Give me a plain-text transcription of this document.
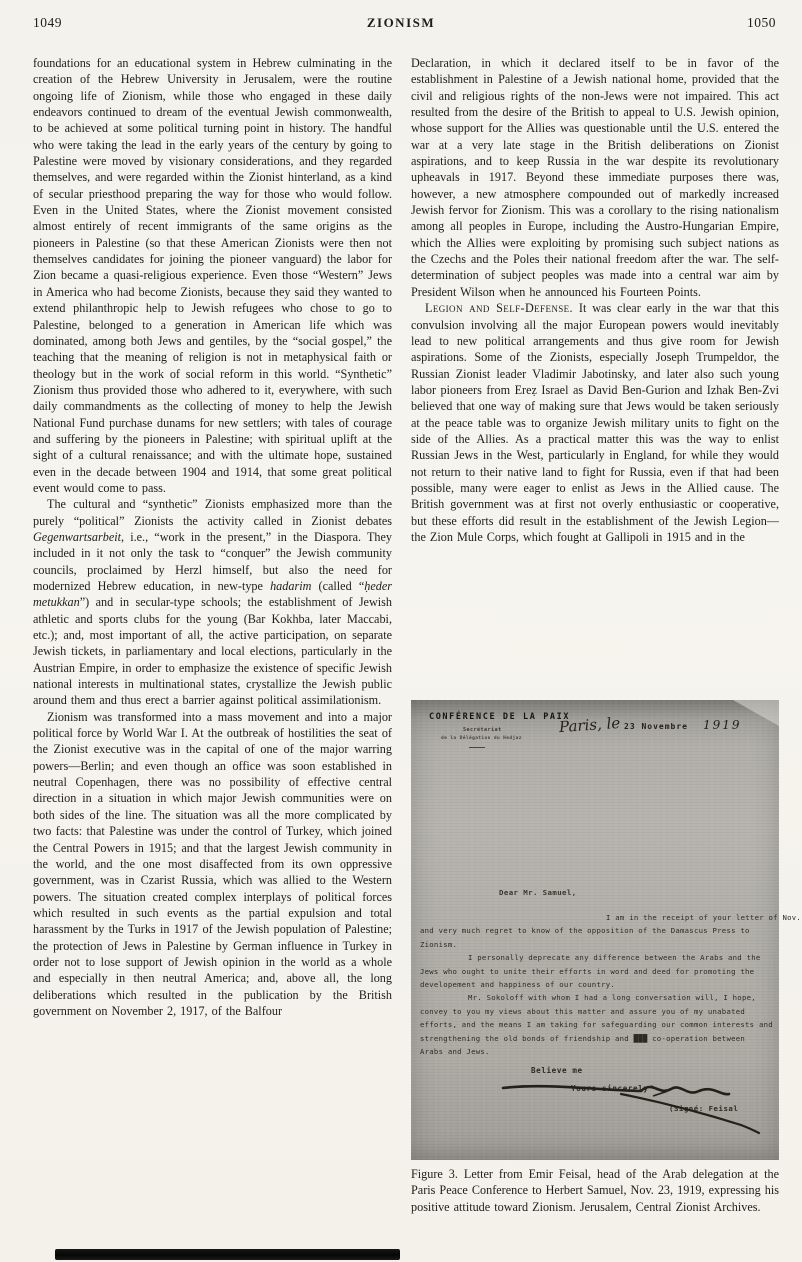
1049	ZIONISM	1050

foundations for an educational system in Hebrew culminating in the creation of the Hebrew University in Jerusalem, were the routine ongoing life of Zionism, while those who engaged in these daily endeavors continued to dream of the eventual Jewish commonwealth, to be achieved at some political turning point in history. The handful who were taking the lead in the early years of the century by going to Palestine were moved by visionary considerations, and they regarded themselves, and were regarded within the Zionist hinterland, as a kind of secular priesthood preparing the way for those who would follow. Even in the United States, where the Zionist movement consisted almost entirely of recent immigrants of the same origins as the pioneers in Palestine (so that these American Zionists were then not themselves candidates for joining the pioneer vanguard) the labor for Zion became a quasi-religious experience. Even those “Western” Jews in America who had become Zionists, because they said they wanted to extend philanthropic help to Jewish refugees who chose to go to Palestine, belonged to a generation in American life which was dominated, among both Jews and gentiles, by the “social gospel,” the teaching that the meaning of religion is not in metaphysical faith or theology but in the work of social reform in this world. “Synthetic” Zionism thus provided those who adhered to it, everywhere, with such daily commandments as the collecting of money to help the Jewish National Fund purchase dunams for new settlers; with tales of courage and suffering by the pioneers in Palestine; with spiritual uplift at the sight of a cultural renaissance; and with the ultimate hope, sustained even in the decade between 1904 and 1914, that some great political event would come to pass.

The cultural and “synthetic” Zionists emphasized more than the purely “political” Zionists the activity called in Zionist debates Gegenwartsarbeit, i.e., “work in the present,” in the Diaspora. They included in it not only the task to “conquer” the Jewish community councils, proclaimed by Herzl himself, but also the need for modernized Hebrew education, in new-type hadarim (called “ḥeder metukkan”) and in secular-type schools; the establishment of Jewish athletic and sports clubs for the young (Bar Kokhba, later Maccabi, etc.); and, most important of all, the active participation, on separate Jewish tickets, in parliamentary and local elections, particularly in the Austrian Empire, in order to emphasize the existence of specific Jewish national interests in multinational states, crystallize the Jewish public around them and thus erect a barrier against political assimilationism.

Zionism was transformed into a mass movement and into a major political force by World War I. At the outbreak of hostilities the seat of the Zionist executive was in the capital of one of the major warring powers—Berlin; and even though an office was soon established in neutral Copenhagen, there was no possibility of effective central direction in a situation in which major Jewish communities were on both sides of the line. The situation was all the more complicated by two facts: that Palestine was under the control of Turkey, which joined the Central Powers in 1915; and that the largest Jewish community in the world, and the one most disaffected from its own oppressive government, was in Czarist Russia, which was allied to the Western powers. The situation created complex interplays of political forces which resulted in such events as the partial expulsion and total harassment by the Turks in 1917 of the Jewish population of Palestine; the protection of Jews in Palestine by German influence in Turkey in order not to lose support of Jewish opinion in the world as a whole and especially in then neutral America; and, above all, the long deliberations which resulted in the publication by the British government on November 2, 1917, of the Balfour

Declaration, in which it declared itself to be in favor of the establishment in Palestine of a Jewish national home, provided that the civil and religious rights of the non-Jews were not impaired. This act resulted from the desire of the British to appeal to U.S. Jewish opinion, whose support for the Allies was questionable until the U.S. entered the war at a very late stage in the British deliberations on Zionist aspirations, and to keep Russia in the war despite its revolutionary upheavals in 1917. Beyond these immediate purposes there was, however, a new atmosphere compounded out of markedly increased Jewish fervor for Zionism. This was a corollary to the rising nationalism among all peoples in Europe, including the Austro-Hungarian Empire, which the Allies were exploiting by promising such subject nations as the Czechs and the Poles their national freedom after the war. The self-determination of subject peoples was made into a central war aim by President Wilson when he announced his Fourteen Points.

Legion and Self-Defense. It was clear early in the war that this convulsion involving all the major European powers would inevitably lead to new political arrangements and thus give room for Jewish aspirations. Some of the Zionists, especially Joseph Trumpeldor, the Russian Zionist leader Vladimir Jabotinsky, and later also such young labor pioneers from Ereẓ Israel as David Ben-Gurion and Izhak Ben-Zvi believed that one way of making sure that Jews would be taken seriously at the peace table was to organize Jewish military units to fight on the side of the Allies. As a practical matter this was the way to enlist Russian Jews in the West, particularly in England, for while they would not return to their native land to fight for Russia, even if that had been possible, many were eager to enlist as Jews in the Allied cause. The British government was at first not overly enthusiastic or cooperative, but these efforts did result in the establishment of the Jewish Legion—the Zion Mule Corps, which fought at Gallipoli in 1915 and in the

CONFÉRENCE DE LA PAIX
Secrétariat
de la Délégation du Hedjaz
Paris, le 23 Novembre 1919
Dear Mr. Samuel,
I am in the receipt of your letter of Nov.
and very much regret to know of the opposition of the Damascus Press to
Zionism.
I personally deprecate any difference between the Arabs and the
Jews who ought to unite their efforts in word and deed for promoting the
developement and happiness of our country.
Mr. Sokoloff with whom I had a long conversation will, I hope,
convey to you my views about this matter and assure you of my unabated
efforts, and the means I am taking for safeguarding our common interests and
strengthening the old bonds of friendship and ███ co-operation between
Arabs and Jews.
Believe me
Yours sincerely
(Signé: Feisal

Figure 3. Letter from Emir Feisal, head of the Arab delegation at the Paris Peace Conference to Herbert Samuel, Nov. 23, 1919, expressing his positive attitude toward Zionism. Jerusalem, Central Zionist Archives.
